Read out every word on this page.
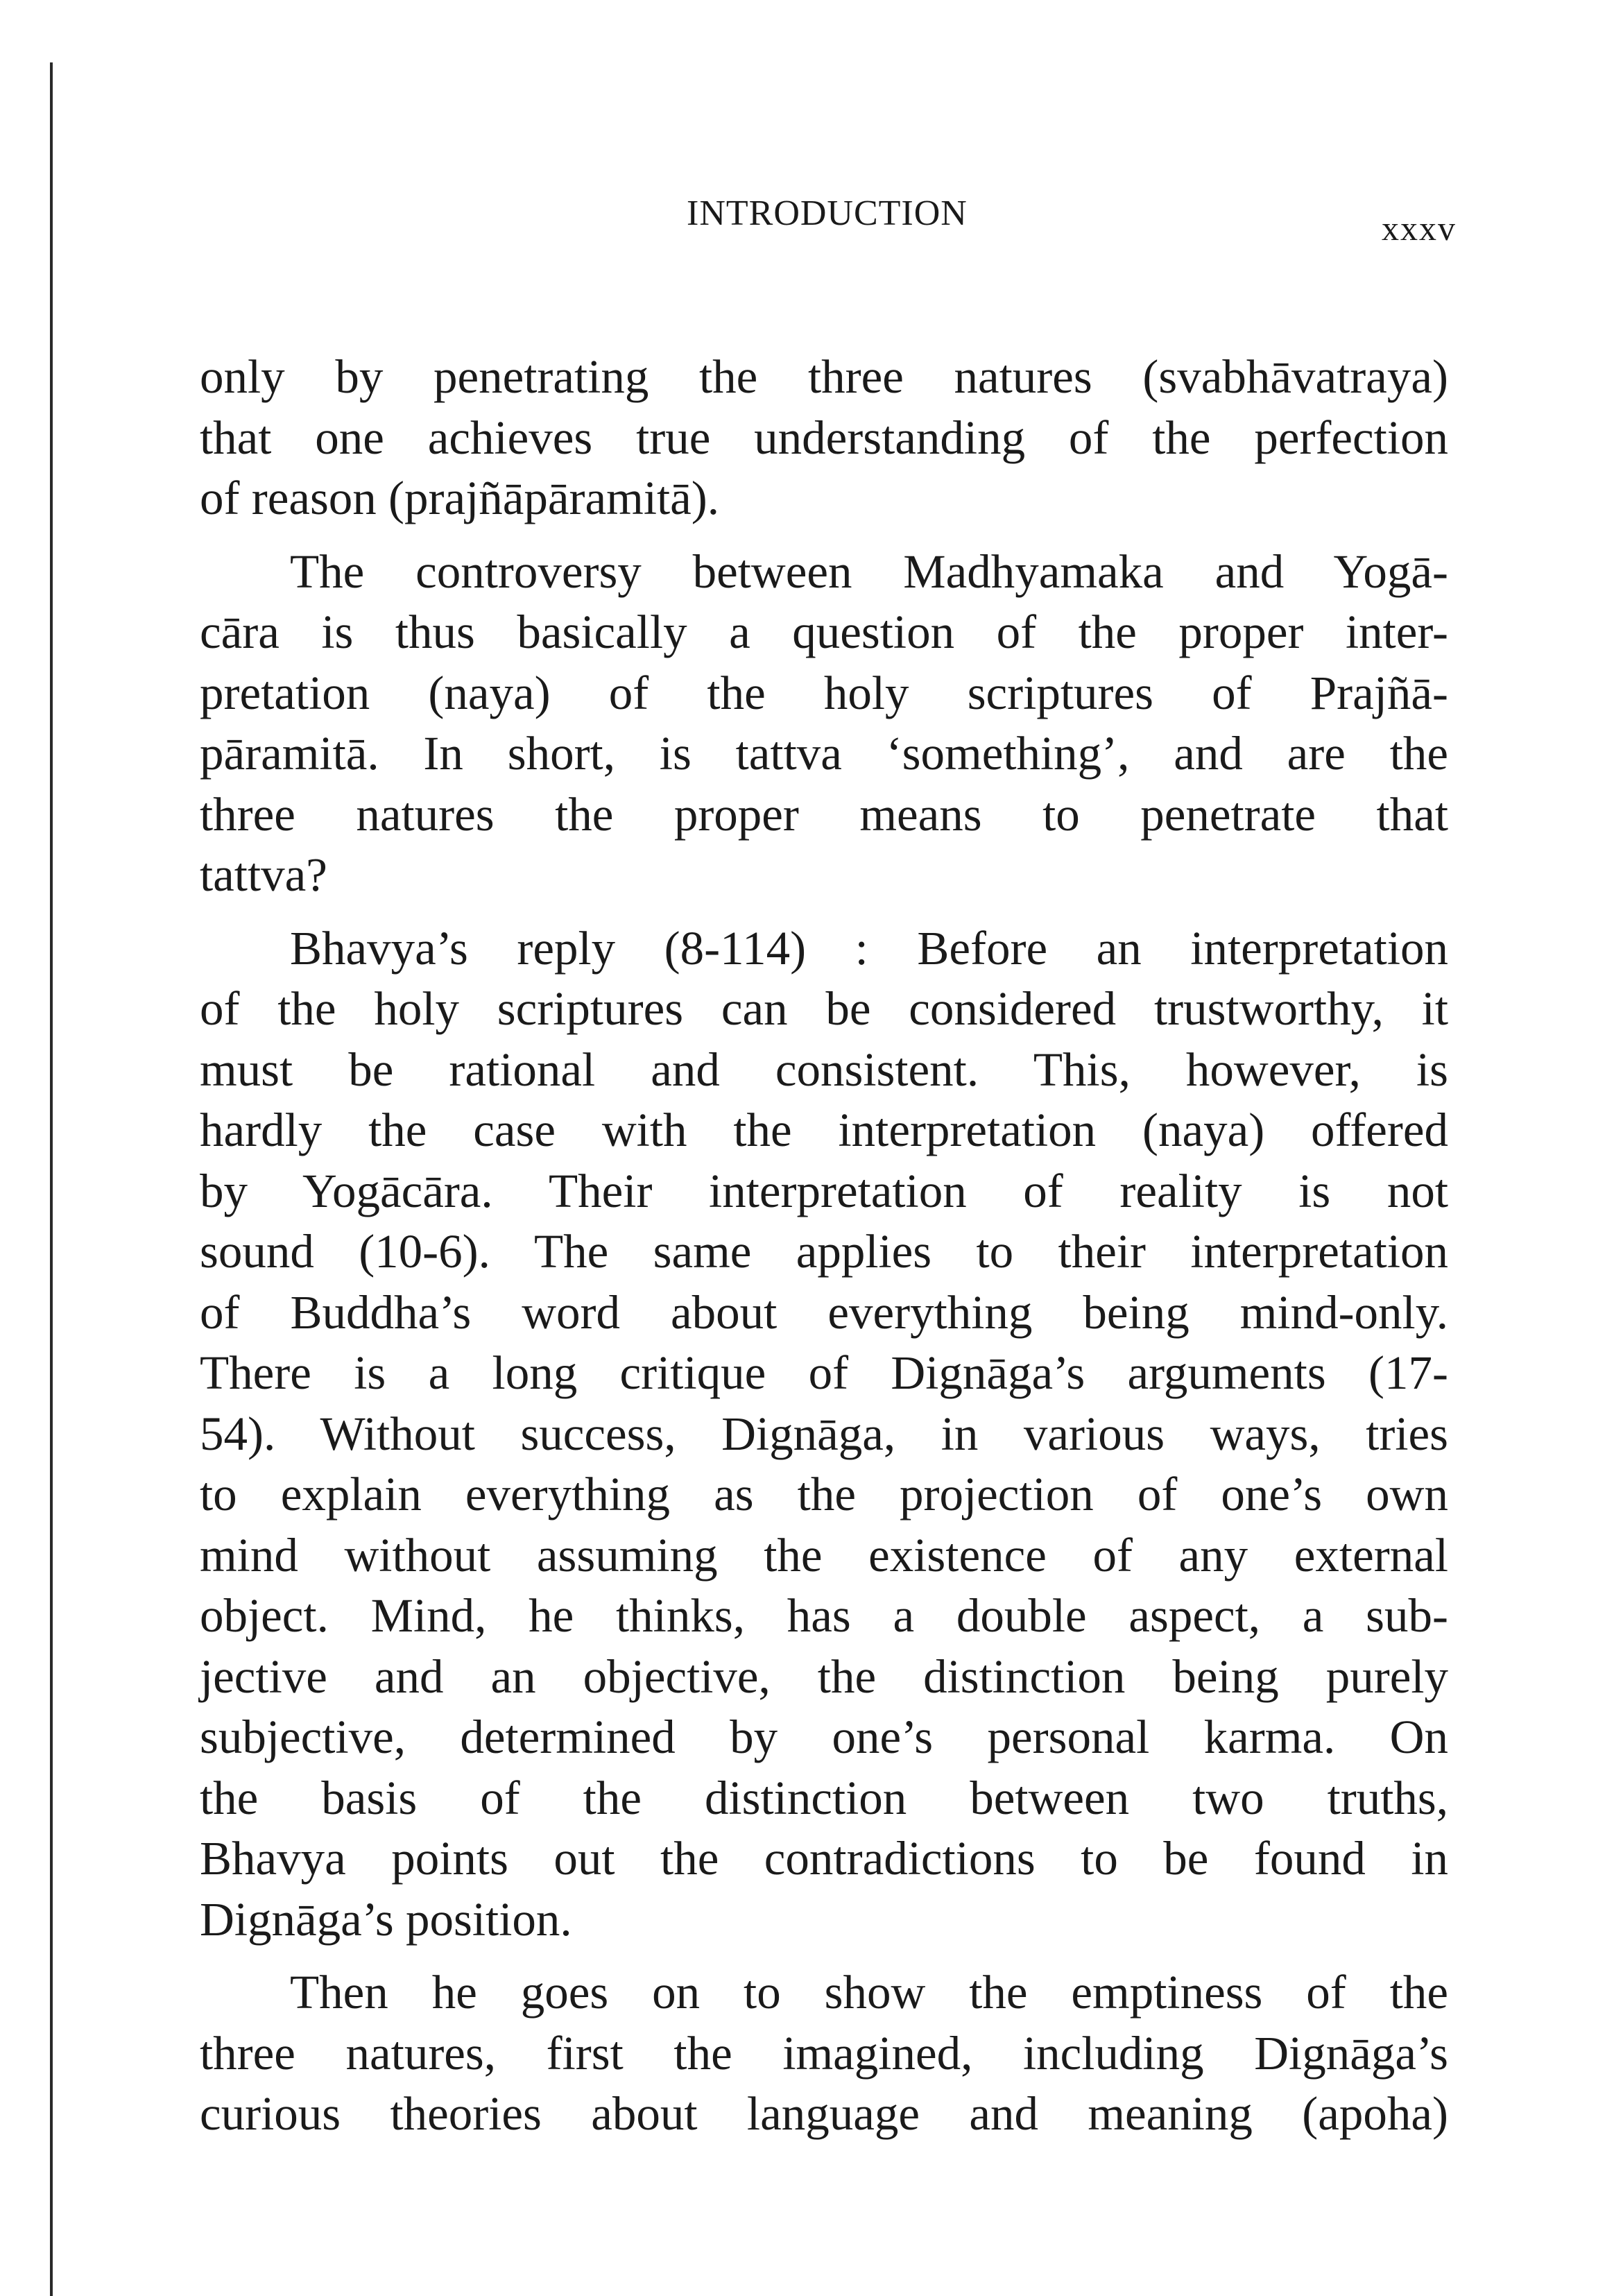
INTRODUCTION	xxxv
only by penetrating the three natures (svabhāvatraya)
that one achieves true understanding of the perfection
of reason (prajñāpāramitā).
The controversy between Madhyamaka and Yogā-
cāra is thus basically a question of the proper inter-
pretation (naya) of the holy scriptures of Prajñā-
pāramitā. In short, is tattva ‘something’, and are the
three natures the proper means to penetrate that
tattva?
Bhavya’s reply (8-114) : Before an interpretation
of the holy scriptures can be considered trustworthy, it
must be rational and consistent. This, however, is
hardly the case with the interpretation (naya) offered
by Yogācāra. Their interpretation of reality is not
sound (10-6). The same applies to their interpretation
of Buddha’s word about everything being mind-only.
There is a long critique of Dignāga’s arguments (17-
54). Without success, Dignāga, in various ways, tries
to explain everything as the projection of one’s own
mind without assuming the existence of any external
object. Mind, he thinks, has a double aspect, a sub-
jective and an objective, the distinction being purely
subjective, determined by one’s personal karma. On
the basis of the distinction between two truths,
Bhavya points out the contradictions to be found in
Dignāga’s position.
Then he goes on to show the emptiness of the
three natures, first the imagined, including Dignāga’s
curious theories about language and meaning (apoha)
